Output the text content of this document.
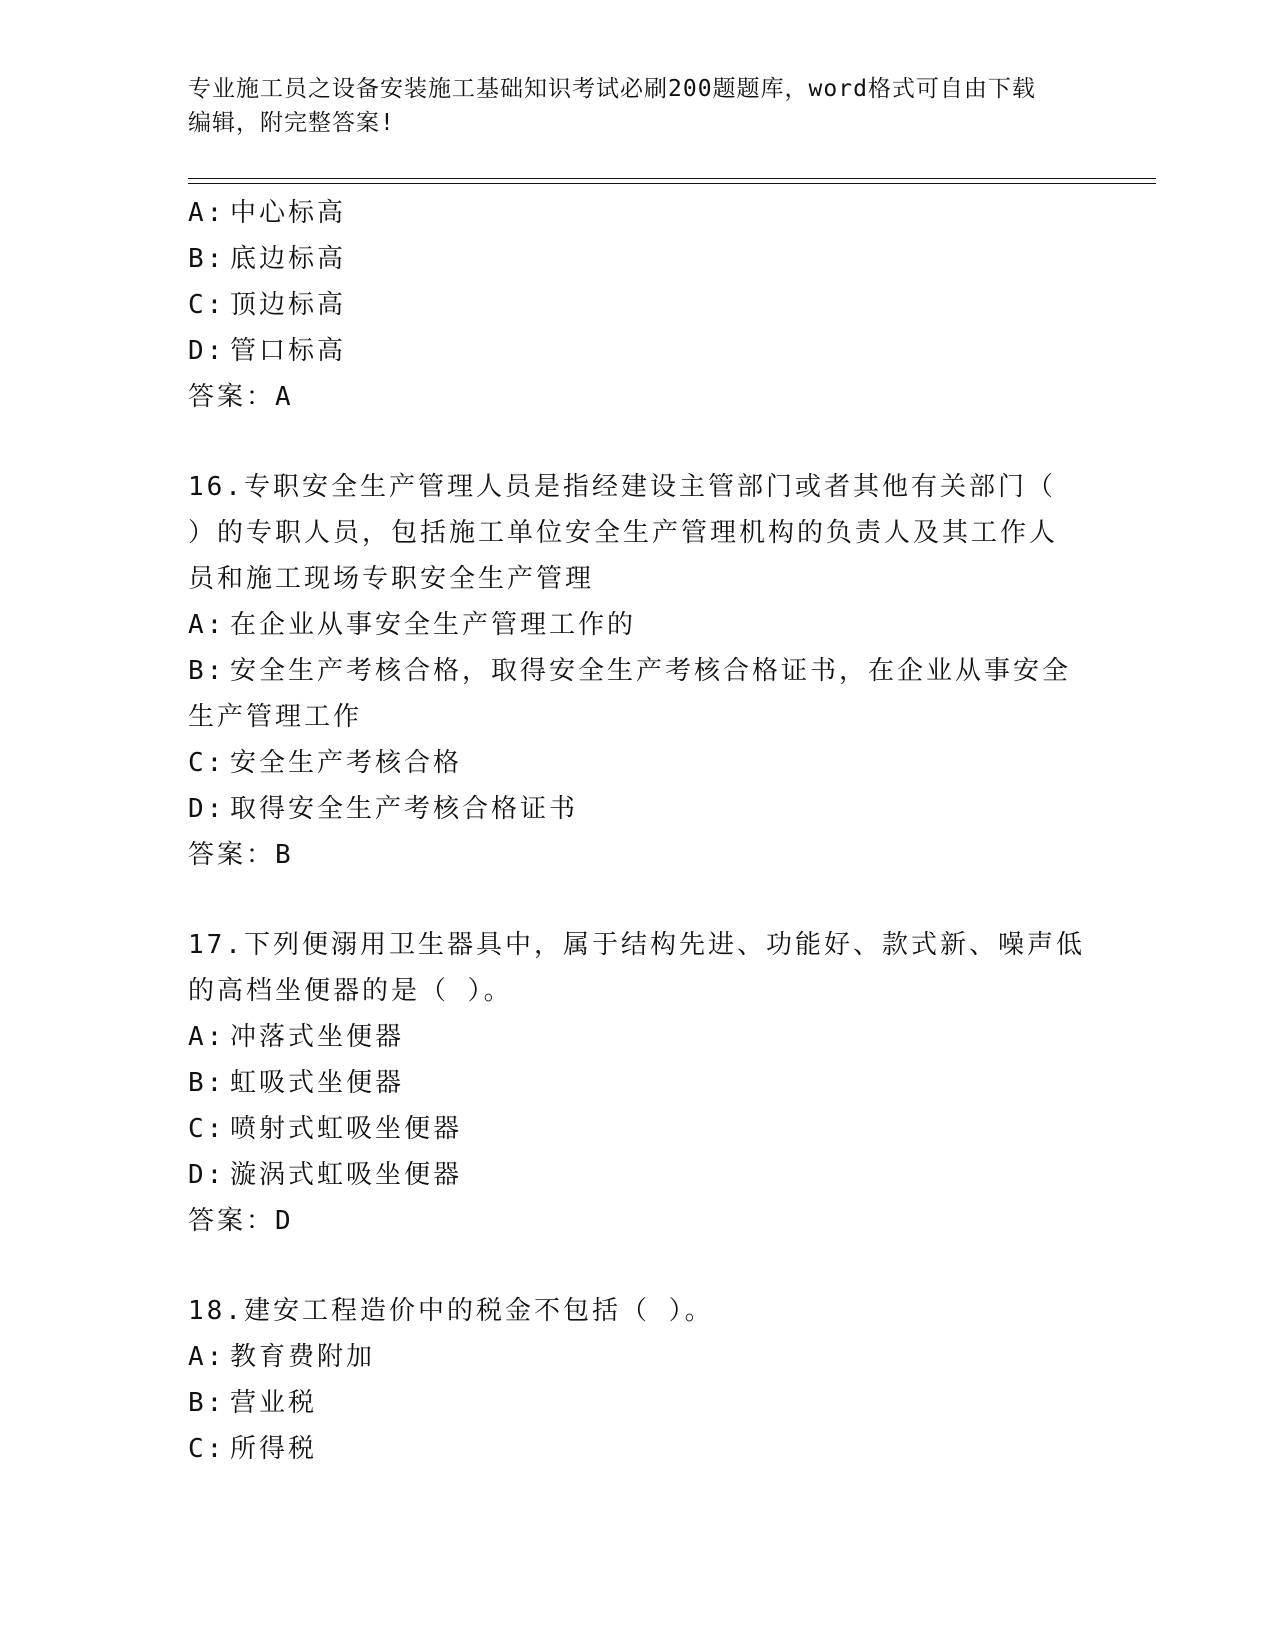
专业施工员之设备安装施工基础知识考试必刷200题题库，word格式可自由下载
编辑，附完整答案!
A: 中心标高
B: 底边标高
C: 顶边标高
D: 管口标高
答案：A
16.专职安全生产管理人员是指经建设主管部门或者其他有关部门（
）的专职人员，包括施工单位安全生产管理机构的负责人及其工作人
员和施工现场专职安全生产管理
A: 在企业从事安全生产管理工作的
B: 安全生产考核合格，取得安全生产考核合格证书，在企业从事安全
生产管理工作
C: 安全生产考核合格
D: 取得安全生产考核合格证书
答案：B
17.下列便溺用卫生器具中，属于结构先进、功能好、款式新、噪声低
的高档坐便器的是（ ）。
A: 冲落式坐便器
B: 虹吸式坐便器
C: 喷射式虹吸坐便器
D: 漩涡式虹吸坐便器
答案：D
18.建安工程造价中的税金不包括（ ）。
A: 教育费附加
B: 营业税
C: 所得税
